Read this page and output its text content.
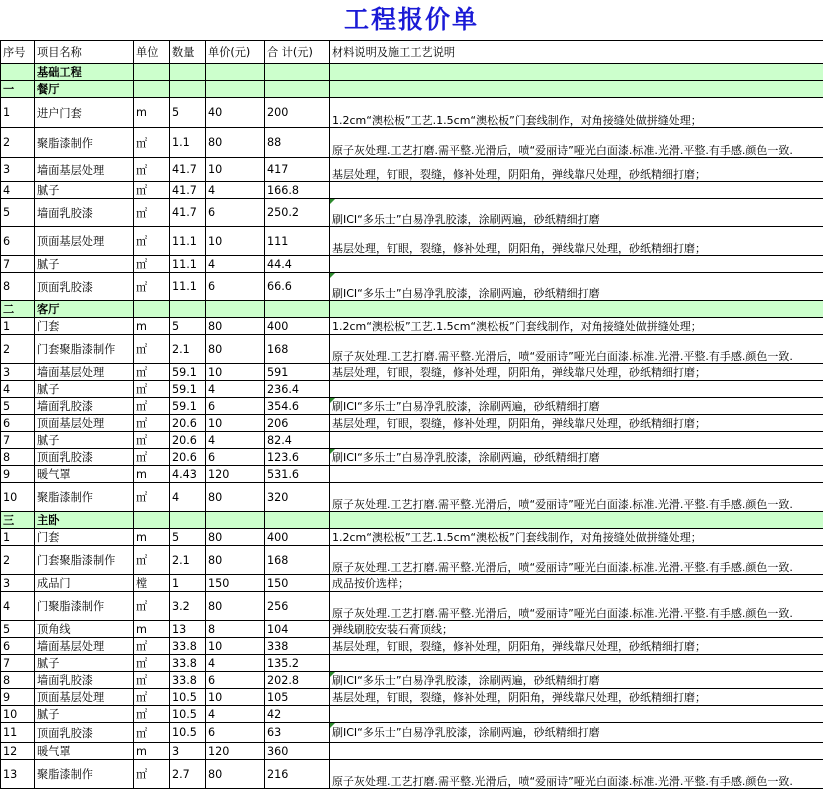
工程报价单
序号	项目名称	单位	数量	单价(元)	合 计(元)	材料说明及施工工艺说明
	基础工程					
一	餐厅					
1	进户门套	m	5	40	200	1.2cm“澳松板”工艺.1.5cm“澳松板”门套线制作，对角接缝处做拼缝处理；
2	聚脂漆制作	㎡	1.1	80	88	原子灰处理.工艺打磨.需平整.光滑后，喷“爱丽诗”哑光白面漆.标准.光滑.平整.有手感.颜色一致.
3	墙面基层处理	㎡	41.7	10	417	基层处理，钉眼，裂缝，修补处理，阴阳角，弹线靠尺处理，砂纸精细打磨；
4	腻子	㎡	41.7	4	166.8	
5	墙面乳胶漆	㎡	41.7	6	250.2	刷ICI“多乐士”白易净乳胶漆，涂刷两遍，砂纸精细打磨
6	顶面基层处理	㎡	11.1	10	111	基层处理，钉眼，裂缝，修补处理，阴阳角，弹线靠尺处理，砂纸精细打磨；
7	腻子	㎡	11.1	4	44.4	
8	顶面乳胶漆	㎡	11.1	6	66.6	刷ICI“多乐士”白易净乳胶漆，涂刷两遍，砂纸精细打磨
二	客厅					
1	门套	m	5	80	400	1.2cm“澳松板”工艺.1.5cm“澳松板”门套线制作，对角接缝处做拼缝处理；
2	门套聚脂漆制作	㎡	2.1	80	168	原子灰处理.工艺打磨.需平整.光滑后，喷“爱丽诗”哑光白面漆.标准.光滑.平整.有手感.颜色一致.
3	墙面基层处理	㎡	59.1	10	591	基层处理，钉眼，裂缝，修补处理，阴阳角，弹线靠尺处理，砂纸精细打磨；
4	腻子	㎡	59.1	4	236.4	
5	墙面乳胶漆	㎡	59.1	6	354.6	刷ICI“多乐士”白易净乳胶漆，涂刷两遍，砂纸精细打磨
6	顶面基层处理	㎡	20.6	10	206	基层处理，钉眼，裂缝，修补处理，阴阳角，弹线靠尺处理，砂纸精细打磨；
7	腻子	㎡	20.6	4	82.4	
8	顶面乳胶漆	㎡	20.6	6	123.6	刷ICI“多乐士”白易净乳胶漆，涂刷两遍，砂纸精细打磨
9	暖气罩	m	4.43	120	531.6	
10	聚脂漆制作	㎡	4	80	320	原子灰处理.工艺打磨.需平整.光滑后，喷“爱丽诗”哑光白面漆.标准.光滑.平整.有手感.颜色一致.
三	主卧					
1	门套	m	5	80	400	1.2cm“澳松板”工艺.1.5cm“澳松板”门套线制作，对角接缝处做拼缝处理；
2	门套聚脂漆制作	㎡	2.1	80	168	原子灰处理.工艺打磨.需平整.光滑后，喷“爱丽诗”哑光白面漆.标准.光滑.平整.有手感.颜色一致.
3	成品门	樘	1	150	150	成品按价选样；
4	门聚脂漆制作	㎡	3.2	80	256	原子灰处理.工艺打磨.需平整.光滑后，喷“爱丽诗”哑光白面漆.标准.光滑.平整.有手感.颜色一致.
5	顶角线	m	13	8	104	弹线刷胶安装石膏顶线；
6	墙面基层处理	㎡	33.8	10	338	基层处理，钉眼，裂缝，修补处理，阴阳角，弹线靠尺处理，砂纸精细打磨；
7	腻子	㎡	33.8	4	135.2	
8	墙面乳胶漆	㎡	33.8	6	202.8	刷ICI“多乐士”白易净乳胶漆，涂刷两遍，砂纸精细打磨
9	顶面基层处理	㎡	10.5	10	105	基层处理，钉眼，裂缝，修补处理，阴阳角，弹线靠尺处理，砂纸精细打磨；
10	腻子	㎡	10.5	4	42	
11	顶面乳胶漆	㎡	10.5	6	63	刷ICI“多乐士”白易净乳胶漆，涂刷两遍，砂纸精细打磨
12	暖气罩	m	3	120	360	
13	聚脂漆制作	㎡	2.7	80	216	原子灰处理.工艺打磨.需平整.光滑后，喷“爱丽诗”哑光白面漆.标准.光滑.平整.有手感.颜色一致.
